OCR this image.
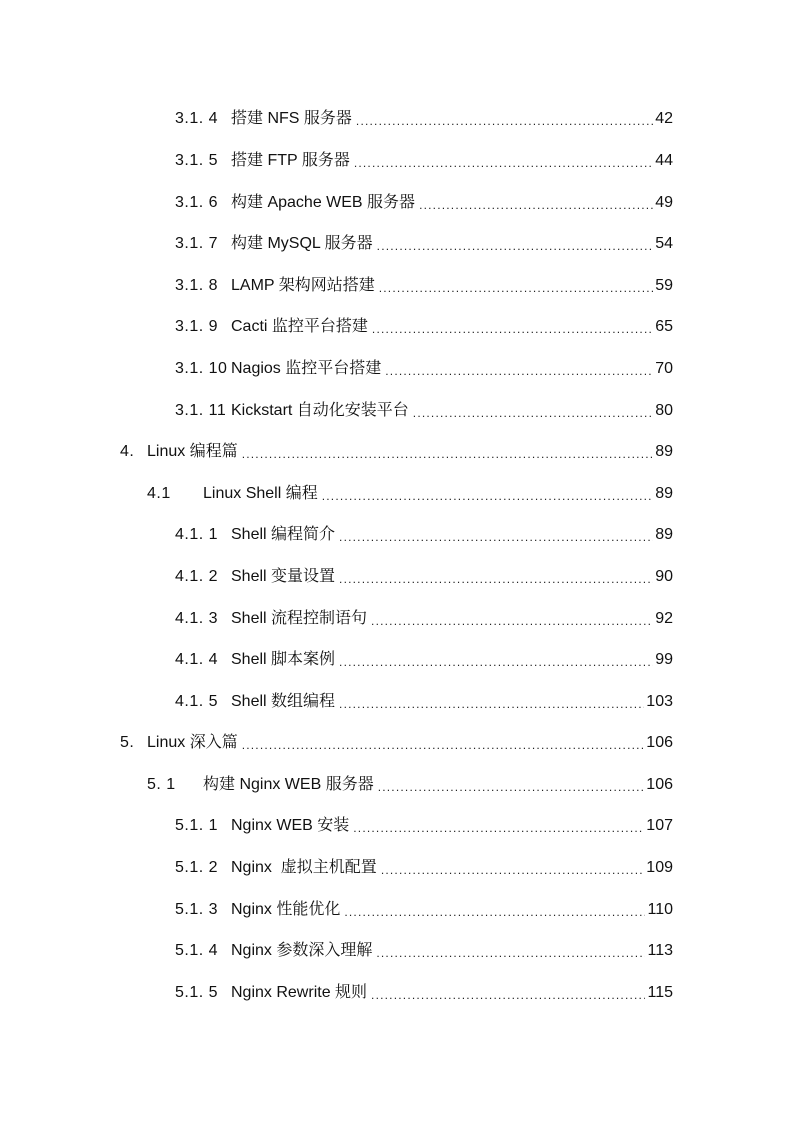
3.1. 4 搭建 NFS 服务器 .....	42
3.1. 5 搭建 FTP 服务器 .....	44
3.1. 6 构建 Apache WEB 服务器 .....	49
3.1. 7 构建 MySQL 服务器 .....	54
3.1. 8 LAMP 架构网站搭建 .....	59
3.1. 9 Cacti 监控平台搭建 .....	65
3.1. 10 Nagios 监控平台搭建 .....	70
3.1. 11 Kickstart 自动化安装平台 .....	80
4. Linux 编程篇 .....	89
4.1	Linux Shell 编程 .....	89
4.1. 1 Shell 编程简介 .....	89
4.1. 2 Shell 变量设置 .....	90
4.1. 3 Shell 流程控制语句 .....	92
4.1. 4 Shell 脚本案例 .....	99
4.1. 5 Shell 数组编程 .....	103
5. Linux 深入篇 .....	106
5. 1	构建 Nginx WEB 服务器 .....	106
5.1. 1 Nginx WEB 安装 .....	107
5.1. 2 Nginx  虚拟主机配置 .....	109
5.1. 3 Nginx 性能优化 .....	110
5.1. 4 Nginx 参数深入理解 .....	113
5.1. 5 Nginx Rewrite 规则 .....	115
